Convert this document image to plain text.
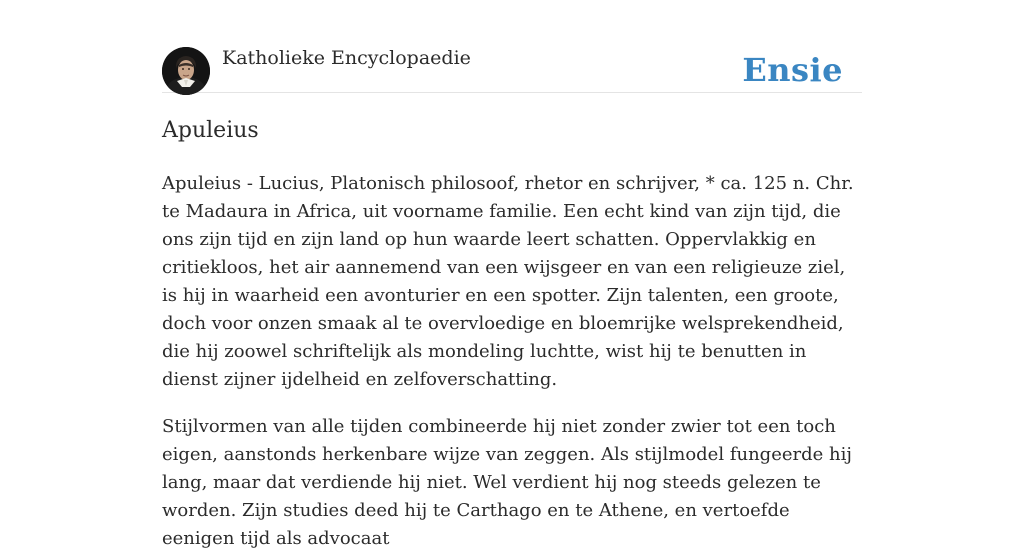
Katholieke Encyclopaedie	Ensie
Apuleius

Apuleius - Lucius, Platonisch philosoof, rhetor en schrijver, * ca. 125 n. Chr. te Madaura in Africa, uit voorname familie. Een echt kind van zijn tijd, die ons zijn tijd en zijn land op hun waarde leert schatten. Oppervlakkig en critiekloos, het air aannemend van een wijsgeer en van een religieuze ziel, is hij in waarheid een avonturier en een spotter. Zijn talenten, een groote, doch voor onzen smaak al te overvloedige en bloemrijke welsprekendheid, die hij zoowel schriftelijk als mondeling luchtte, wist hij te benutten in dienst zijner ijdelheid en zelfoverschatting.

Stijlvormen van alle tijden combineerde hij niet zonder zwier tot een toch eigen, aanstonds herkenbare wijze van zeggen. Als stijlmodel fungeerde hij lang, maar dat verdiende hij niet. Wel verdient hij nog steeds gelezen te worden. Zijn studies deed hij te Carthago en te Athene, en vertoefde eenigen tijd als advocaat
